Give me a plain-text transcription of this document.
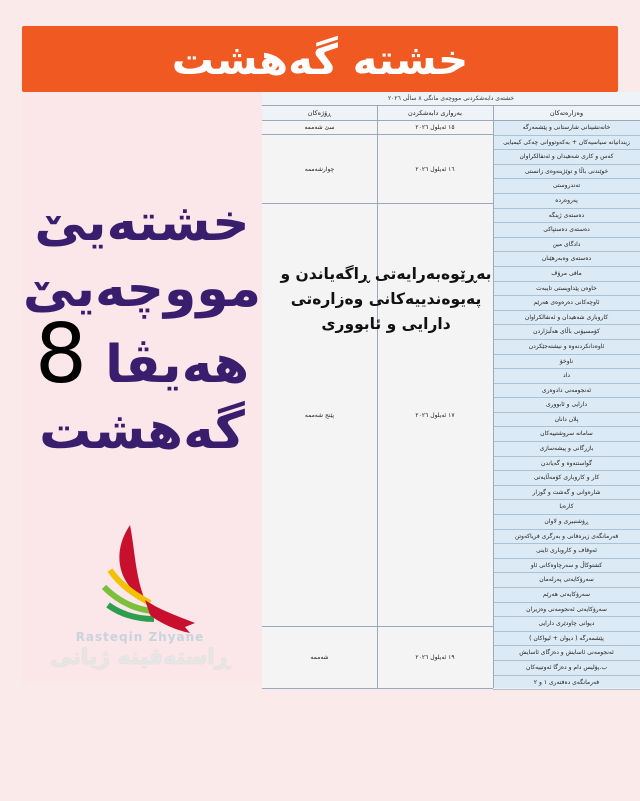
خشتە گەهشت
خشتەیێ
مووچەیێ
هەیڤا 8
گەهشت
Rasteqin Zhyane
ڕاستەقینە ژیانی
خشتەی دابەشکردنی مووچەی مانگی ٨ ساڵی ٢٠٢٦
ڕۆژەکان
سێ شەممە
چوارشەممە
پێنج شەممە
شەممە
بەرواری دابەشکردن
١٥ ئەیلول ٢٠٢٦
١٦ ئەیلول ٢٠٢٦
١٧ ئەیلول ٢٠٢٦
١٩ ئەیلول ٢٠٢٦
وەزارەتەکان
خانەنشینانی شارستانی و پێشمەرگە
زیندانیانە سیاسیەکان + بەکەوتووانی چەکی کیمیایی
کەس و کاری شەهیدان و ئەنفالکراوان
خوێندنی باڵا و توێژینەوەی زانستی
تەندروستی
پەروەردە
دەستەی ژینگە
دەستەی دەستپاکی
دادگای مین
دەستەی وەبەرهێنان
مافی مرۆڤ
خاوەن پێداویستی تایبەت
ئاوچەکانی دەرەوەی هەرێم
کاروباری شەهیدان و ئەنفالکراوان
کۆمسیۆنی باڵای هەڵبژاردن
ئاوەدانکردنەوە و نیشتەجێکردن
ناوخۆ
داد
ئەنجومەنی دادوەری
دارایی و ئابووری
پلان دانان
سامانە سروشتییەکان
بازرگانی و پیشەسازی
گواستنەوە و گەیاندن
کار و کاروباری کۆمەڵایەتی
شارەوانی و گەشت و گوزار
کارەبا
ڕۆشنبیری و لاوان
فەرمانگەی زیرەفانی و بەرگری فریاکەوتن
ئەوقاف و کاروباری ئاینی
کشتوکاڵ و سەرچاوەکانی ئاو
سەرۆکایەتی پەرلەمان
سەرۆکایەتی هەرێم
سەرۆکایەتی ئەنجومەنی وەزیران
دیوانی چاودێری دارایی
پێشمەرگە ( دیوان + لیواکان )
ئەنجومەنی ئاسایش و دەزگای ئاسایش
ب.پۆلیس دام و دەزگا ئەوتییەکان
فەرمانگەی دەفتەری ١ و ٢
بەڕێوەبەرایەتی ڕاگەیاندن و
پەیوەندییەکانی وەزارەتی
دارایی و ئابووری
